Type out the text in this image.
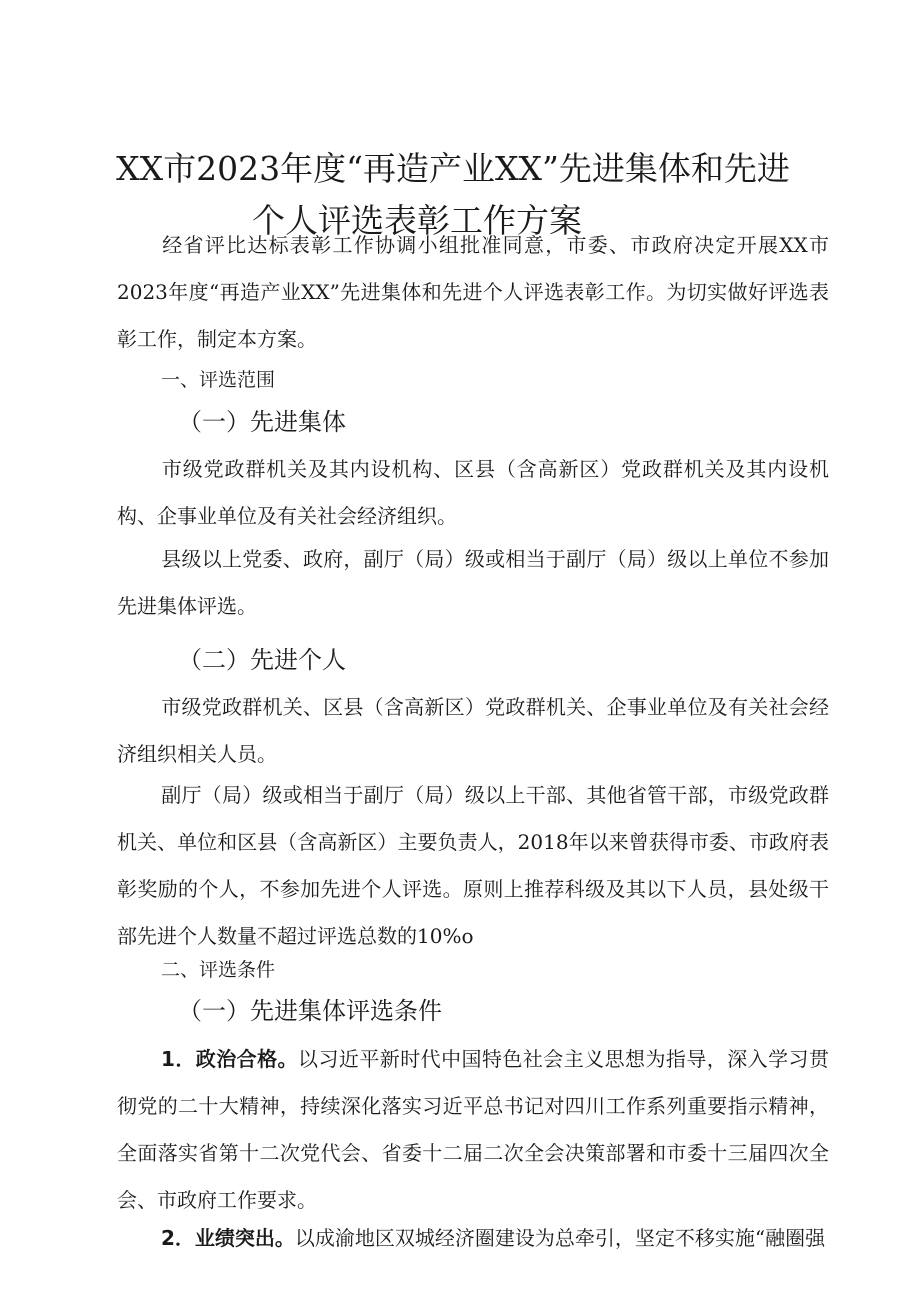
XX市2023年度“再造产业XX”先进集体和先进
个人评选表彰工作方案

经省评比达标表彰工作协调小组批准同意，市委、市政府决定开展XX市2023年度“再造产业XX”先进集体和先进个人评选表彰工作。为切实做好评选表彰工作，制定本方案。

一、评选范围

（一）先进集体

市级党政群机关及其内设机构、区县（含高新区）党政群机关及其内设机构、企事业单位及有关社会经济组织。

县级以上党委、政府，副厅（局）级或相当于副厅（局）级以上单位不参加先进集体评选。

（二）先进个人

市级党政群机关、区县（含高新区）党政群机关、企事业单位及有关社会经济组织相关人员。

副厅（局）级或相当于副厅（局）级以上干部、其他省管干部，市级党政群机关、单位和区县（含高新区）主要负责人，2018年以来曾获得市委、市政府表彰奖励的个人，不参加先进个人评选。原则上推荐科级及其以下人员，县处级干部先进个人数量不超过评选总数的10%o

二、评选条件

（一）先进集体评选条件

1．政治合格。以习近平新时代中国特色社会主义思想为指导，深入学习贯彻党的二十大精神，持续深化落实习近平总书记对四川工作系列重要指示精神，全面落实省第十二次党代会、省委十二届二次全会决策部署和市委十三届四次全会、市政府工作要求。

2．业绩突出。以成渝地区双城经济圈建设为总牵引，坚定不移实施“融圈强
